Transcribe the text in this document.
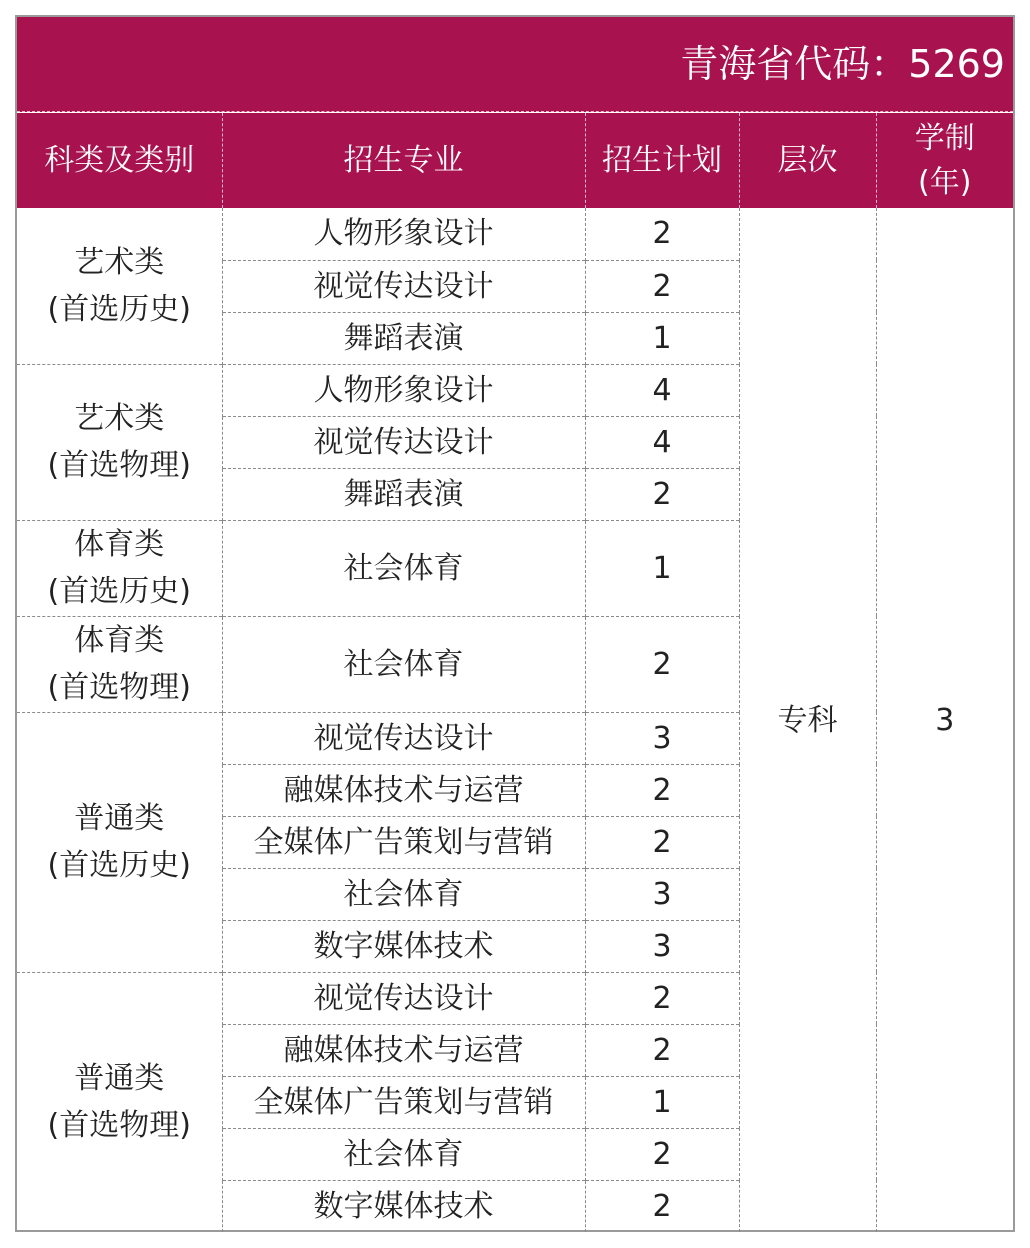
青海省代码：5269
科类及类别	招生专业	招生计划	层次	学制
(年)

艺术类
(首选历史)	人物形象设计	2	专科	3
	视觉传达设计	2		
	舞蹈表演	1		

艺术类
(首选物理)	人物形象设计	4		
	视觉传达设计	4		
	舞蹈表演	2		

体育类
(首选历史)	社会体育	1		

体育类
(首选物理)	社会体育	2		

普通类
(首选历史)	视觉传达设计	3		
	融媒体技术与运营	2		
	全媒体广告策划与营销	2		
	社会体育	3		
	数字媒体技术	3		

普通类
(首选物理)	视觉传达设计	2		
	融媒体技术与运营	2		
	全媒体广告策划与营销	1		
	社会体育	2		
	数字媒体技术	2		
